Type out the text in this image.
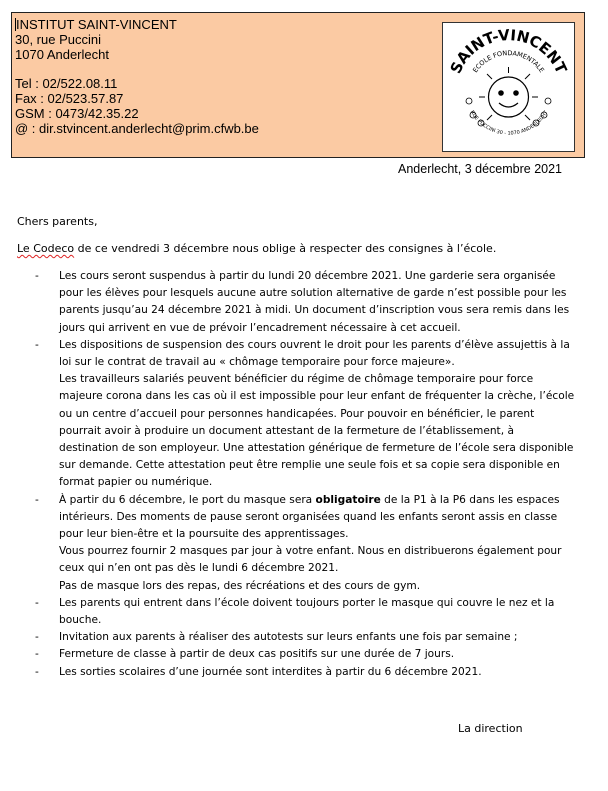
INSTITUT SAINT-VINCENT
30, rue Puccini
1070 Anderlecht
Tel : 02/522.08.11
Fax : 02/523.57.87
GSM : 0473/42.35.22
@ : dir.stvincent.anderlecht@prim.cfwb.be
SAINT-VINCENT
ECOLE FONDAMENTALE
RUE PUCCINI 30 - 1070 ANDERLECHT
Anderlecht, 3 décembre 2021
Chers parents,
Le Codeco de ce vendredi 3 décembre nous oblige à respecter des consignes à l’école.
- Les cours seront suspendus à partir du lundi 20 décembre 2021. Une garderie sera organisée
pour les élèves pour lesquels aucune autre solution alternative de garde n’est possible pour les
parents jusqu’au 24 décembre 2021 à midi. Un document d’inscription vous sera remis dans les
jours qui arrivent en vue de prévoir l’encadrement nécessaire à cet accueil.
- Les dispositions de suspension des cours ouvrent le droit pour les parents d’élève assujettis à la
loi sur le contrat de travail au « chômage temporaire pour force majeure».
Les travailleurs salariés peuvent bénéficier du régime de chômage temporaire pour force
majeure corona dans les cas où il est impossible pour leur enfant de fréquenter la crèche, l’école
ou un centre d’accueil pour personnes handicapées. Pour pouvoir en bénéficier, le parent
pourrait avoir à produire un document attestant de la fermeture de l’établissement, à
destination de son employeur. Une attestation générique de fermeture de l’école sera disponible
sur demande. Cette attestation peut être remplie une seule fois et sa copie sera disponible en
format papier ou numérique.
- À partir du 6 décembre, le port du masque sera obligatoire de la P1 à la P6 dans les espaces
intérieurs. Des moments de pause seront organisées quand les enfants seront assis en classe
pour leur bien-être et la poursuite des apprentissages.
Vous pourrez fournir 2 masques par jour à votre enfant. Nous en distribuerons également pour
ceux qui n’en ont pas dès le lundi 6 décembre 2021.
Pas de masque lors des repas, des récréations et des cours de gym.
- Les parents qui entrent dans l’école doivent toujours porter le masque qui couvre le nez et la
bouche.
- Invitation aux parents à réaliser des autotests sur leurs enfants une fois par semaine ;
- Fermeture de classe à partir de deux cas positifs sur une durée de 7 jours.
- Les sorties scolaires d’une journée sont interdites à partir du 6 décembre 2021.
La direction
